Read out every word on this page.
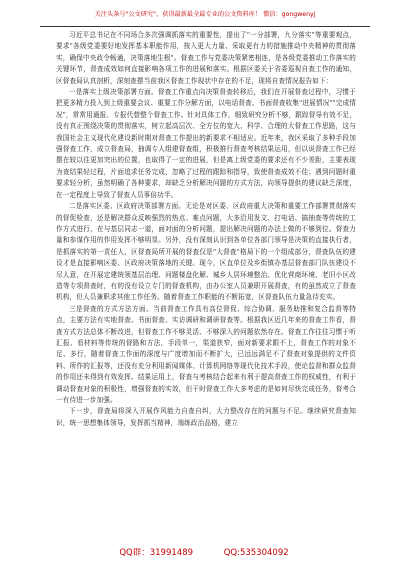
关注头条号"公文研究"，获得最新最全最专业的公文资料库！ 微信：gongwenyj

习近平总书记在不同场合多次强调抓落实的重要性，提出了"一分部署，九分落实"等重要观点，要求"各级党委要好地发挥基本职能作用，按入更大力量、采取更有力的措施推动中央精神的贯彻落实，确保中央政令畅通，决策落地生根"。督查工作与党委决策紧密相连，是各级党委推动工作落实的关键环节，督查成效如何直接影响各项工作的进展和落实。根据区委关于省委巡视自查工作的通知，区督查局认真剖析，深刻查摆当前我区督查工作现状中存在的不足，现将自查情况报告如下：

一是落实上级决策部署方面。督查工作重点向决策督查转移后，我们在开展督查过程中，习惯于把更多精力投入到上级重要会议、重要工作分解方面，以电话督查、书面督查收集"进展情况""完成情况"，常常用通报、专报代替整个督查工作。针对具体工作，细致研究分析不够，跟踪督导有效不足，没有真正围绕决策的贯彻落实，树立起高层次、全方位的宽大、科学、合理的大督查工作思路，这与我国社会主义现代化建设新时期对督查工作提出的新要求不相适应。近年来，我区采取了多种手段加强督查工作，成立督查局，抽调专人组建督查组，积极推行督查考核结果运用，但以说督查工作已经摆在较以往更加突出的位置，也取得了一定的进展，但是离上级党委的要求还有不少差距，主要表现为查结果轻过程，片面追求任务完成，忽略了过程的跟踪和指导，致使督查成效不佳；遇到问题时重要求轻分析，虽然明确了各种要求，却缺乏分析解决问题的方式方法，向领导提供的建议缺乏深度，在一定程度上导致了督查人员事倍功半。

二是落实区委、区政府决策部署方面。无论是对区委、区政府重大决策和重要工作部署贯彻落实的督促检查，还是解决群众反映强烈的热点、难点问题，大多沿用发文、打电话、搞抽查等传统的工作方式进行，在与基层同志一道，面对面的分析问题，提出解决问题的办法上做的不够到位。督查力量和参谋作用的作用发挥不够明显。另外，没有深刻认识到各单位各部门领导是决策的直接执行者，是抓落实的第一责任人，区督查局所开展的督查仅是"大督查"格局下的一个组成部分，督查队伍的建设才是直接影响区委、区政府决策落地的关键。现今，区直单位及乡街镇办基层督查部门队伍建设不尽人意，在开展定建统领基层治理、问题楼盘化解、城乡人居环境整治、优化营商环境、老旧小区改造等专项督查时，有的没有设立专门的督查机构，由办公室人员兼职开展督查，有的虽然成立了督查机构，但人员兼职求其他工作任务。随着督查工作职能的不断拓宽，区督查队伍力量急待充实。

三是督查的方式方法方面。当前督查工作具有高位督促、综合协调、服务助推和复合监督等特点，主要方法有实地督查、书面督查、实访调研和调研督查等。根据我区近几年来的督查工作看，督查方式方法总体不断改进，但督查工作不够灵活、不够深入的问题依然存在。督查工作往往习惯于听汇报、看材料等传统的督路和方法，手段单一，渠道狭窄，面对新要求跟不上，督查工作的对象不足、多行，随着督查工作面的深度与广度增加而不断扩大，已远远满足不了督查对象提供的文件资料、所作的汇报等，还没有充分利用新闻媒体、计算机网络等现代化技术手段，使论监督和群众监督的作用还未得到有效发挥。结果运用上，督查与考核结合起来有利于提高督查工作的权威性，有利于调动督查对象的积极性，增强督查的实效，但干时督查工作大多考虑的是如何尽快完成任务，督考合一有待进一步加强。

下一步，督查局将深入开展作风能力自查自纠，大力整改存在的问题与不足。继续研究督查知识，统一思想集体领导，发挥抓当精神，端练政治品格，建立

QQ群：31991489	QQ:535304092
